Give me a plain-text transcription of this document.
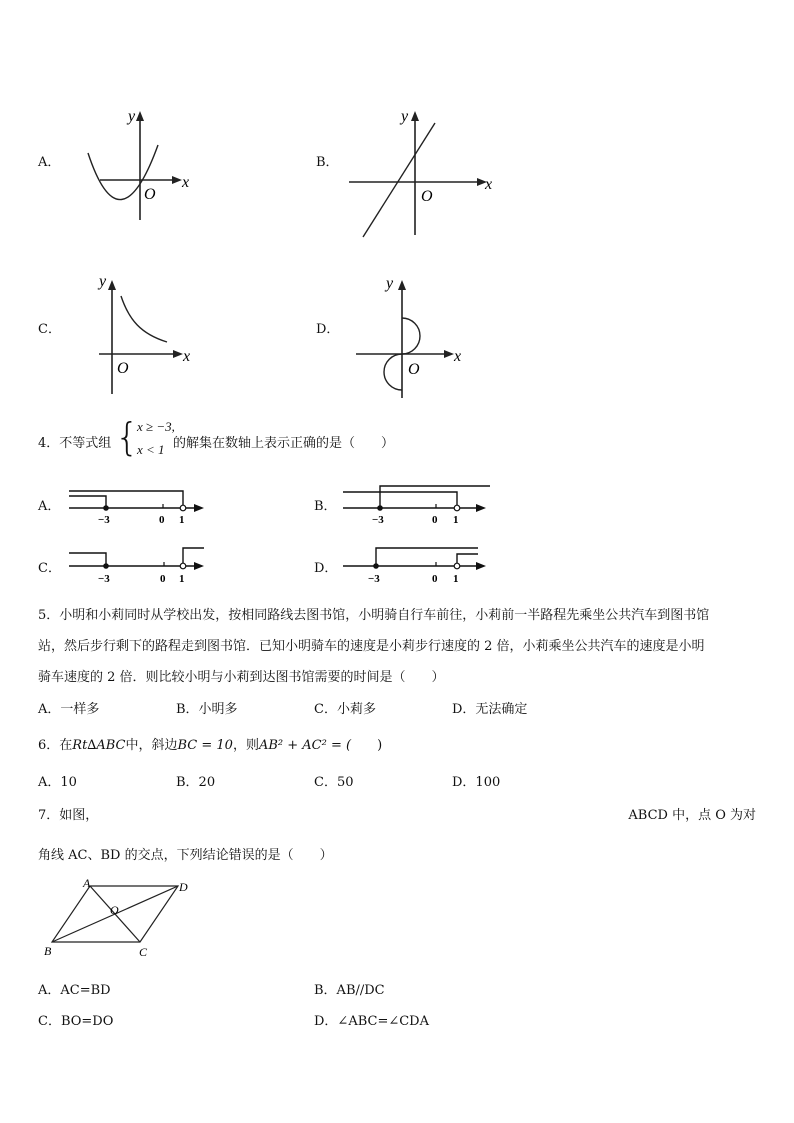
A．
y
x
O
B．
y
x
O
C．
y
x
O
D．
y
x
O
4．不等式组 {
x ≥ −3,
x < 1 的解集在数轴上表示正确的是（　　）
A．
−3	0 1
B．
−3	0 1
C．
−3	0 1
D．
−3	0 1
5．小明和小莉同时从学校出发，按相同路线去图书馆，小明骑自行车前往，小莉前一半路程先乘坐公共汽车到图书馆
站，然后步行剩下的路程走到图书馆．已知小明骑车的速度是小莉步行速度的 2 倍，小莉乘坐公共汽车的速度是小明
骑车速度的 2 倍．则比较小明与小莉到达图书馆需要的时间是（　　）
A．一样多	B．小明多	C．小莉多	D．无法确定
6．在Rt∆ABC中，斜边BC = 10，则AB² + AC² = (　　)
A．10	B．20	C．50	D．100
7．如图，	ABCD 中，点 O 为对
角线 AC、BD 的交点，下列结论错误的是（　　）
A	D
B	C
O
A．AC=BD	B．AB//DC
C．BO=DO	D．∠ABC=∠CDA
